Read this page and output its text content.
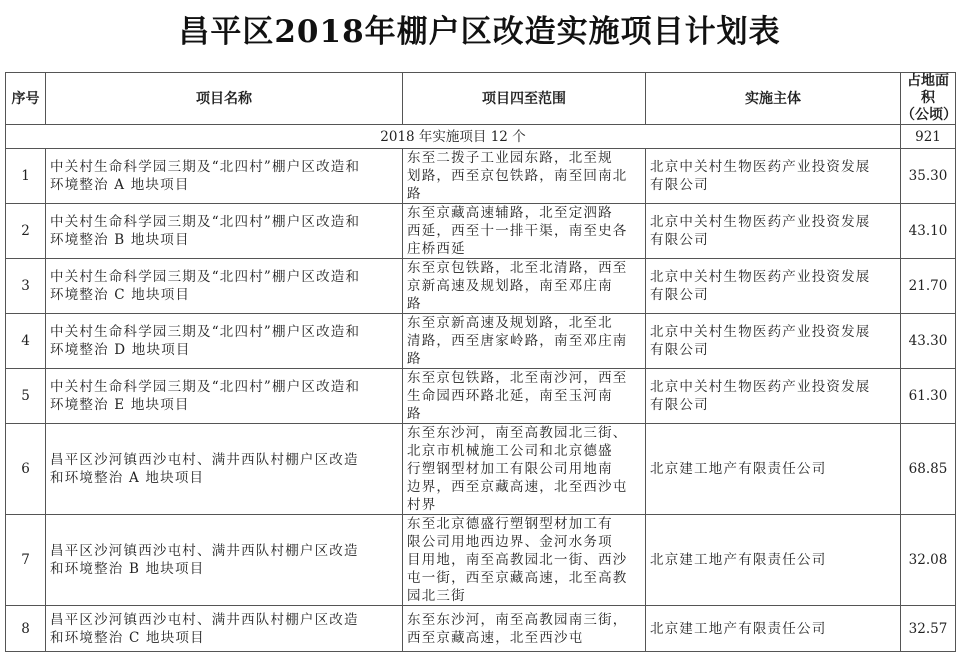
昌平区2018年棚户区改造实施项目计划表
序号	项目名称	项目四至范围	实施主体	占地面积
（公顷）
2018 年实施项目 12 个				921
1	中关村生命科学园三期及“北四村”棚户区改造和
环境整治 A 地块项目	东至二拨子工业园东路，北至规
划路，西至京包铁路，南至回南北
路	北京中关村生物医药产业投资发展
有限公司	35.30
2	中关村生命科学园三期及“北四村”棚户区改造和
环境整治 B 地块项目	东至京藏高速辅路，北至定泗路
西延，西至十一排干渠，南至史各
庄桥西延	北京中关村生物医药产业投资发展
有限公司	43.10
3	中关村生命科学园三期及“北四村”棚户区改造和
环境整治 C 地块项目	东至京包铁路，北至北清路，西至
京新高速及规划路，南至邓庄南
路	北京中关村生物医药产业投资发展
有限公司	21.70
4	中关村生命科学园三期及“北四村”棚户区改造和
环境整治 D 地块项目	东至京新高速及规划路，北至北
清路，西至唐家岭路，南至邓庄南
路	北京中关村生物医药产业投资发展
有限公司	43.30
5	中关村生命科学园三期及“北四村”棚户区改造和
环境整治 E 地块项目	东至京包铁路，北至南沙河，西至
生命园西环路北延，南至玉河南
路	北京中关村生物医药产业投资发展
有限公司	61.30
6	昌平区沙河镇西沙屯村、满井西队村棚户区改造
和环境整治 A 地块项目	东至东沙河，南至高教园北三街、
北京市机械施工公司和北京德盛
行塑钢型材加工有限公司用地南
边界，西至京藏高速，北至西沙屯
村界	北京建工地产有限责任公司	68.85
7	昌平区沙河镇西沙屯村、满井西队村棚户区改造
和环境整治 B 地块项目	东至北京德盛行塑钢型材加工有
限公司用地西边界、金河水务项
目用地，南至高教园北一街、西沙
屯一街，西至京藏高速，北至高教
园北三街	北京建工地产有限责任公司	32.08
8	昌平区沙河镇西沙屯村、满井西队村棚户区改造
和环境整治 C 地块项目	东至东沙河，南至高教园南三街，
西至京藏高速，北至西沙屯	北京建工地产有限责任公司	32.57
